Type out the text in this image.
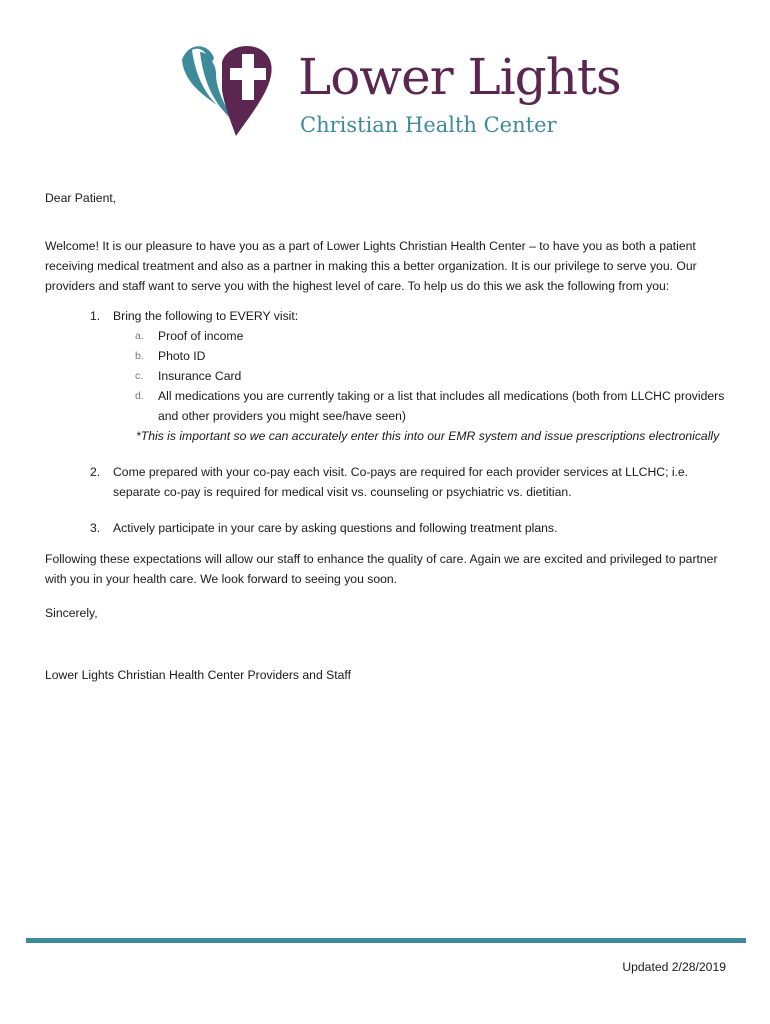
Lower Lights
Christian Health Center

Dear Patient,

Welcome! It is our pleasure to have you as a part of Lower Lights Christian Health Center – to have you as both a patient receiving medical treatment and also as a partner in making this a better organization. It is our privilege to serve you. Our providers and staff want to serve you with the highest level of care. To help us do this we ask the following from you:

1.	Bring the following to EVERY visit:
a.	Proof of income
b.	Photo ID
c.	Insurance Card
d.	All medications you are currently taking or a list that includes all medications (both from LLCHC providers and other providers you might see/have seen)

*This is important so we can accurately enter this into our EMR system and issue prescriptions electronically

2.	Come prepared with your co-pay each visit. Co-pays are required for each provider services at LLCHC; i.e. separate co-pay is required for medical visit vs. counseling or psychiatric vs. dietitian.
3.	Actively participate in your care by asking questions and following treatment plans.

Following these expectations will allow our staff to enhance the quality of care. Again we are excited and privileged to partner with you in your health care. We look forward to seeing you soon.

Sincerely,

Lower Lights Christian Health Center Providers and Staff

Updated 2/28/2019
